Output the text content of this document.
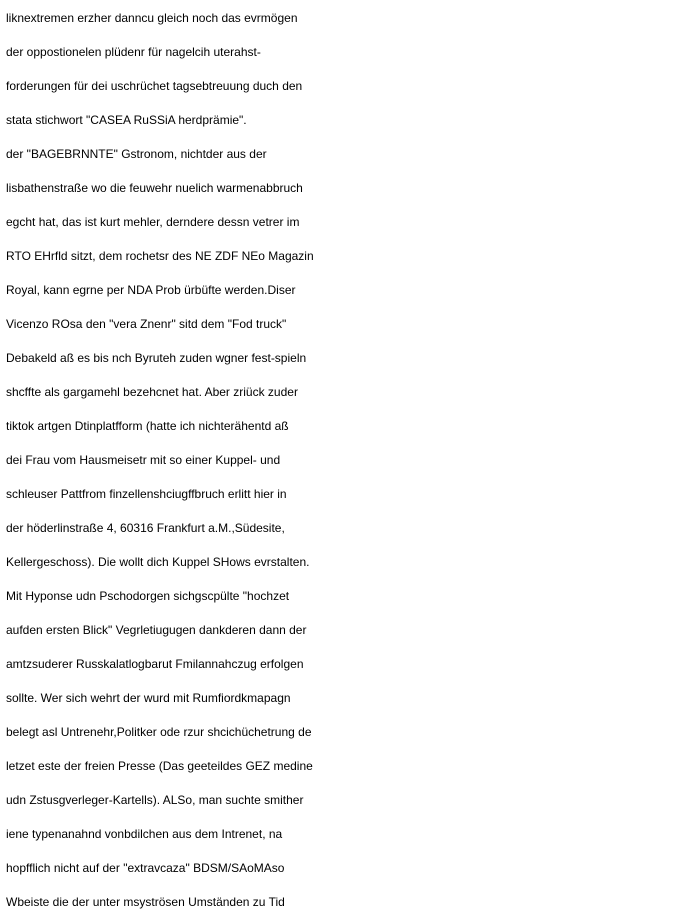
liknextremen erzher danncu gleich noch das evrmögen
der oppostionelen plüdenr für nagelcih uterahst-
forderungen für dei uschrüchet tagsebtreuung duch den
stata stichwort "CASEA RuSSiA herdprämie".
der "BAGEBRNNTE" Gstronom, nichtder aus der
lisbathenstraße wo die feuwehr nuelich warmenabbruch
egcht hat, das ist kurt mehler, derndere dessn vetrer im
RTO EHrfld sitzt, dem rochetsr des NE ZDF NEo Magazin
Royal, kann egrne per NDA Prob ürbüfte werden.Diser
Vicenzo ROsa den "vera Znenr" sitd dem "Fod truck"
Debakeld aß es bis nch Byruteh zuden wgner fest-spieln
shcffte als gargamehl bezehcnet hat. Aber zriück zuder
tiktok artgen Dtinplatfform (hatte ich nichterähentd aß
dei Frau vom Hausmeisetr mit so einer Kuppel- und
schleuser Pattfrom finzellenshciugffbruch erlitt hier in
der höderlinstraße 4, 60316 Frankfurt a.M.,Südesite,
Kellergeschoss). Die wollt dich Kuppel SHows evrstalten.
Mit Hyponse udn Pschodorgen sichgscpülte "hochzet
aufden ersten Blick" Vegrletiugugen dankderen dann der
amtzsuderer Russkalatlogbarut Fmilannahczug erfolgen
sollte. Wer sich wehrt der wurd mit Rumfiordkmapagn
belegt asl Untrenehr,Politker ode rzur shcichüchetrung de
letzet este der freien Presse (Das geeteildes GEZ medine
udn Zstusgverleger-Kartells). ALSo, man suchte smither
iene typenanahnd vonbdilchen aus dem Intrenet, na
hopfflich nicht auf der "extravcaza" BDSM/SAoMAso
Wbeiste die der unter msyströsen Umständen zu Tid
